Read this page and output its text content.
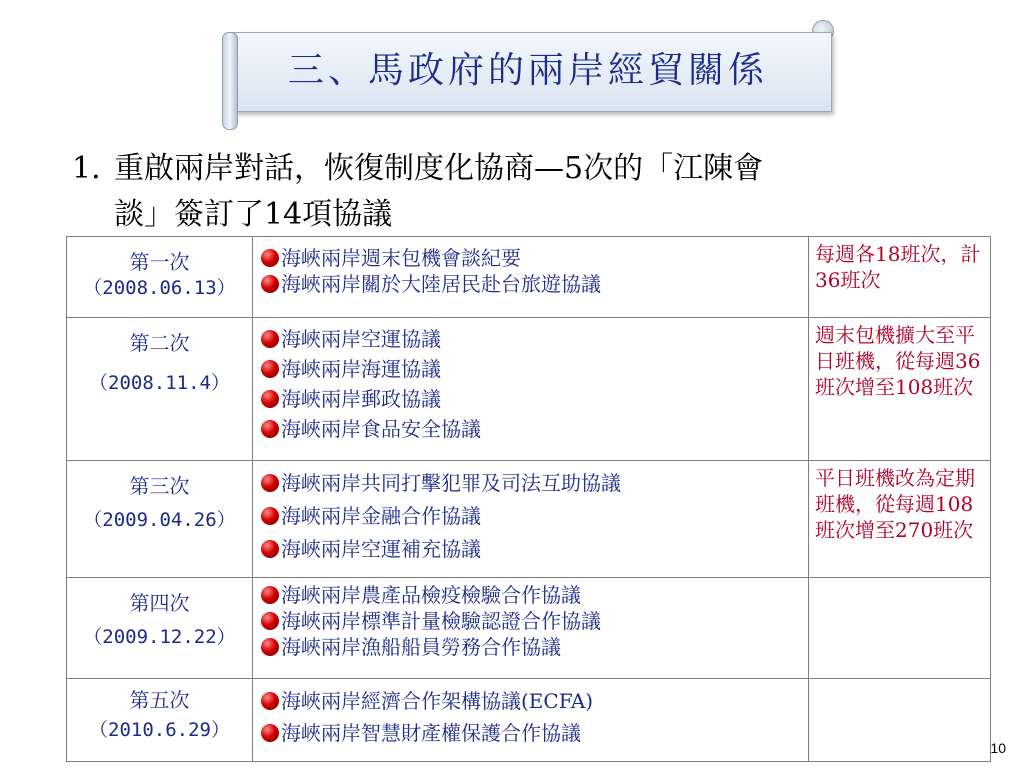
三、馬政府的兩岸經貿關係
1. 重啟兩岸對話，恢復制度化協商—5次的「江陳會
談」簽訂了14項協議
第一次
（2008.06.13）	海峽兩岸週末包機會談紀要
海峽兩岸關於大陸居民赴台旅遊協議	每週各18班次，計36班次

第二次
（2008.11.4）	海峽兩岸空運協議
海峽兩岸海運協議
海峽兩岸郵政協議
海峽兩岸食品安全協議	週末包機擴大至平日班機，從每週36班次增至108班次

第三次
（2009.04.26）	海峽兩岸共同打擊犯罪及司法互助協議
海峽兩岸金融合作協議
海峽兩岸空運補充協議	平日班機改為定期班機，從每週108班次增至270班次

第四次
（2009.12.22）	海峽兩岸農產品檢疫檢驗合作協議
海峽兩岸標準計量檢驗認證合作協議
海峽兩岸漁船船員勞務合作協議	

第五次
（2010.6.29）	海峽兩岸經濟合作架構協議(ECFA)
海峽兩岸智慧財產權保護合作協議	

10
